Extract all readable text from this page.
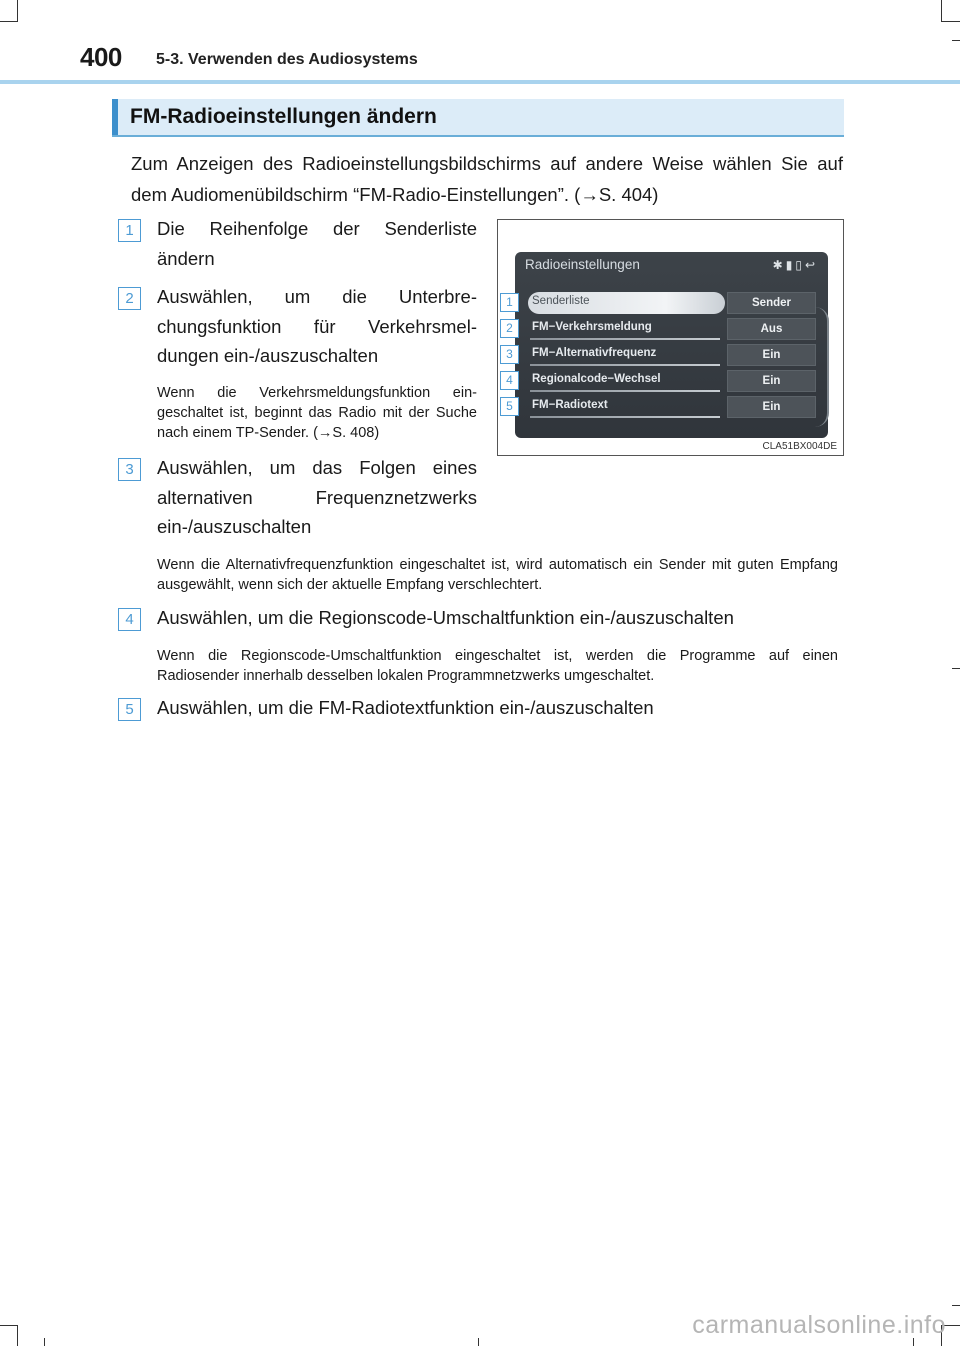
400 5-3. Verwenden des Audiosystems
FM-Radioeinstellungen ändern
Zum Anzeigen des Radioeinstellungsbildschirms auf andere Weise wählen Sie auf dem Audiomenübildschirm “FM-Radio-Einstellungen”. (→S. 404)
1	Die Reihenfolge der Senderliste ändern
2	Auswählen, um die Unterbrechungsfunktion für Verkehrsmeldungen ein-/auszuschalten
Wenn die Verkehrsmeldungsfunktion eingeschaltet ist, beginnt das Radio mit der Suche nach einem TP-Sender. (→S. 408)
3	Auswählen, um das Folgen eines alternativen Frequenznetzwerks ein-/auszuschalten
Wenn die Alternativfrequenzfunktion eingeschaltet ist, wird automatisch ein Sender mit guten Empfang ausgewählt, wenn sich der aktuelle Empfang verschlechtert.
4	Auswählen, um die Regionscode-Umschaltfunktion ein-/auszuschalten
Wenn die Regionscode-Umschaltfunktion eingeschaltet ist, werden die Programme auf einen Radiosender innerhalb desselben lokalen Programmnetzwerks umgeschaltet.
5	Auswählen, um die FM-Radiotextfunktion ein-/auszuschalten
Radioeinstellungen	✱▮▯↩
Senderliste	Sender
FM−Verkehrsmeldung	Aus
FM−Alternativfrequenz	Ein
Regionalcode−Wechsel	Ein
FM−Radiotext	Ein
1
2
3
4
5
CLA51BX004DE
carmanualsonline.info
